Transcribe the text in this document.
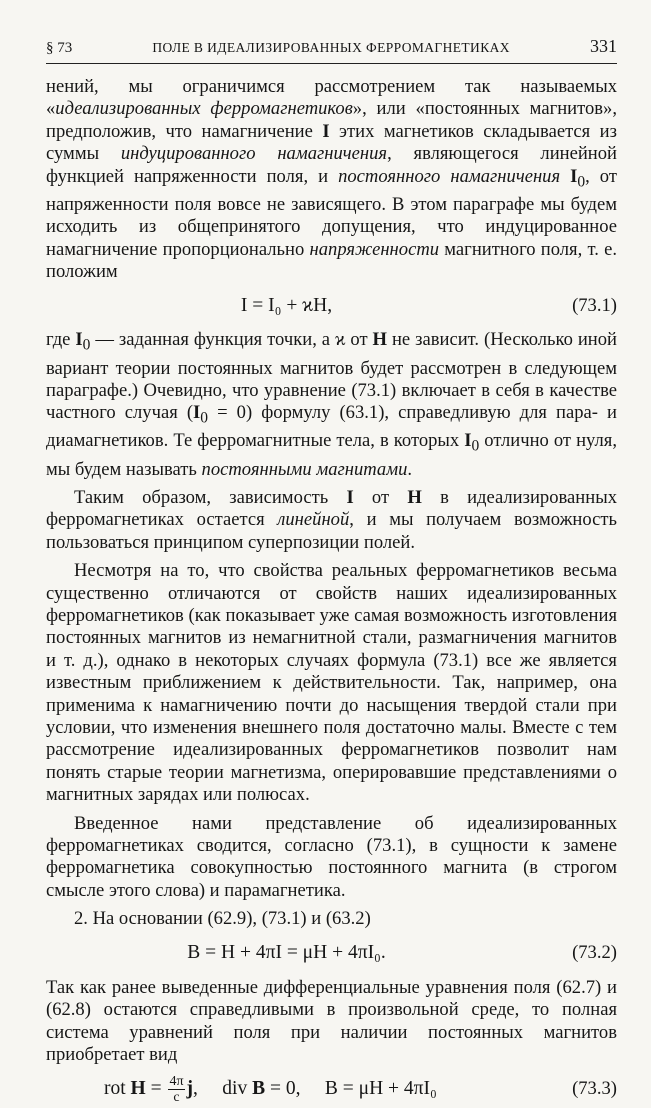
§ 73	ПОЛЕ В ИДЕАЛИЗИРОВАННЫХ ФЕРРОМАГНЕТИКАХ	331

нений, мы ограничимся рассмотрением так называемых «идеализированных ферромагнетиков», или «постоянных магнитов», предположив, что намагничение I этих магнетиков складывается из суммы индуцированного намагничения, являющегося линейной функцией напряженности поля, и постоянного намагничения $I_0$, от напряженности поля вовсе не зависящего. В этом параграфе мы будем исходить из общепринятого допущения, что индуцированное намагничение пропорционально напряженности магнитного поля, т. е. положим

I = I₀ + ϰH,	(73.1)

где $I_0$ — заданная функция точки, а ϰ от H не зависит. (Несколько иной вариант теории постоянных магнитов будет рассмотрен в следующем параграфе.) Очевидно, что уравнение (73.1) включает в себя в качестве частного случая $(I_0 = 0)$ формулу (63.1), справедливую для пара- и диамагнетиков. Те ферромагнитные тела, в которых $I_0$ отлично от нуля, мы будем называть постоянными магнитами.

Таким образом, зависимость I от H в идеализированных ферромагнетиках остается линейной, и мы получаем возможность пользоваться принципом суперпозиции полей.

Несмотря на то, что свойства реальных ферромагнетиков весьма существенно отличаются от свойств наших идеализированных ферромагнетиков (как показывает уже самая возможность изготовления постоянных магнитов из немагнитной стали, размагничения магнитов и т. д.), однако в некоторых случаях формула (73.1) все же является известным приближением к действительности. Так, например, она применима к намагничению почти до насыщения твердой стали при условии, что изменения внешнего поля достаточно малы. Вместе с тем рассмотрение идеализированных ферромагнетиков позволит нам понять старые теории магнетизма, оперировавшие представлениями о магнитных зарядах или полюсах.

Введенное нами представление об идеализированных ферромагнетиках сводится, согласно (73.1), в сущности к замене ферромагнетика совокупностью постоянного магнита (в строгом смысле этого слова) и парамагнетика.

2. На основании (62.9), (73.1) и (63.2)

B = H + 4πI = μH + 4πI₀.	(73.2)

Так как ранее выведенные дифференциальные уравнения поля (62.7) и (62.8) остаются справедливыми в произвольной среде, то полная система уравнений поля при наличии постоянных магнитов приобретает вид

rot $H = \frac{4\pi}{c} j$,     div B = 0,     B = μH + 4πI₀	(73.3)
